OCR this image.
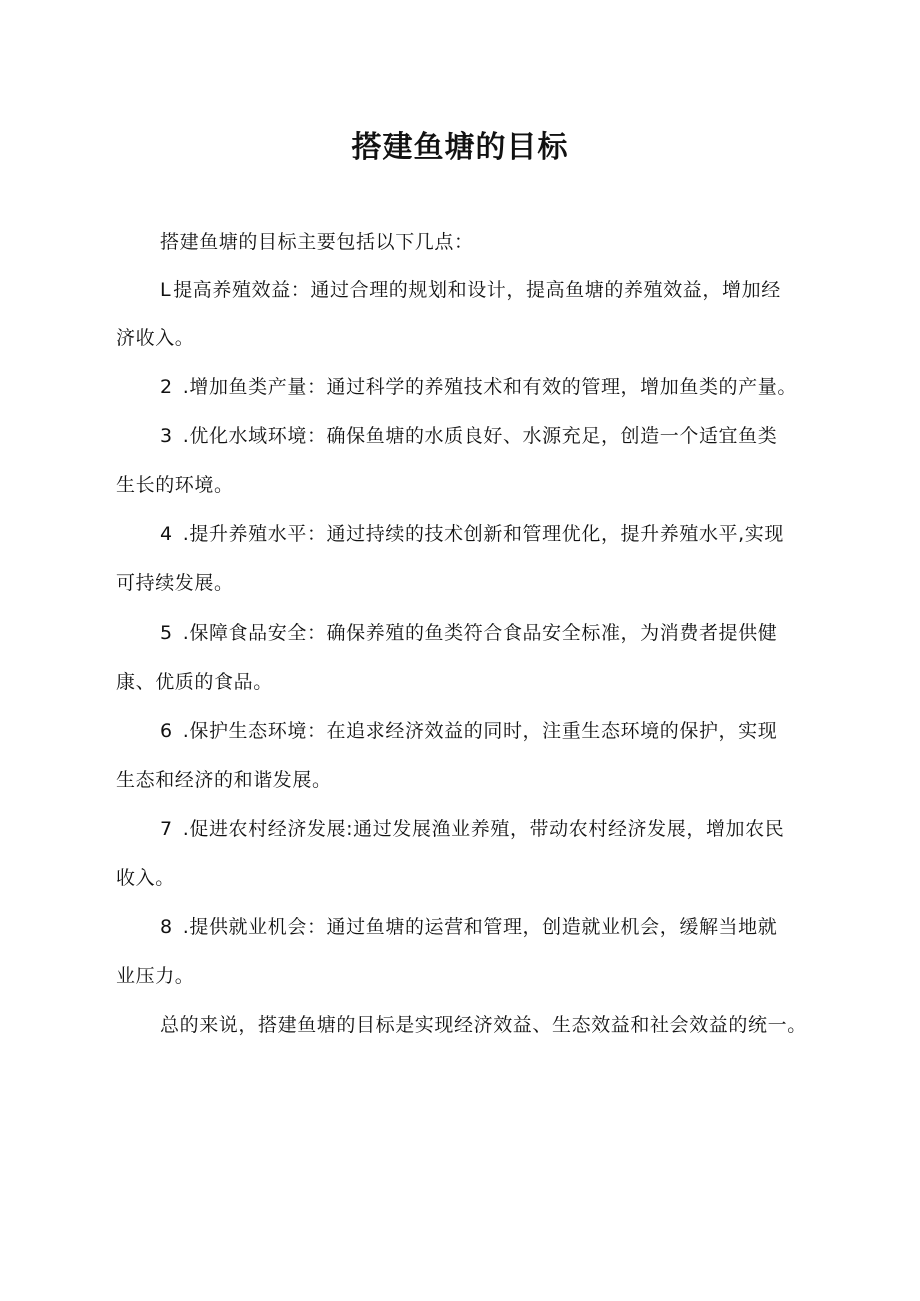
搭建鱼塘的目标
搭建鱼塘的目标主要包括以下几点：
L 提高养殖效益：通过合理的规划和设计，提高鱼塘的养殖效益，增加经
济收入。
2 .增加鱼类产量：通过科学的养殖技术和有效的管理，增加鱼类的产量。
3 .优化水域环境：确保鱼塘的水质良好、水源充足，创造一个适宜鱼类
生长的环境。
4 .提升养殖水平：通过持续的技术创新和管理优化，提升养殖水平,实现
可持续发展。
5 .保障食品安全：确保养殖的鱼类符合食品安全标准，为消费者提供健
康、优质的食品。
6 .保护生态环境：在追求经济效益的同时，注重生态环境的保护，实现
生态和经济的和谐发展。
7 .促进农村经济发展:通过发展渔业养殖，带动农村经济发展，增加农民
收入。
8 .提供就业机会：通过鱼塘的运营和管理，创造就业机会，缓解当地就
业压力。
总的来说，搭建鱼塘的目标是实现经济效益、生态效益和社会效益的统一。
